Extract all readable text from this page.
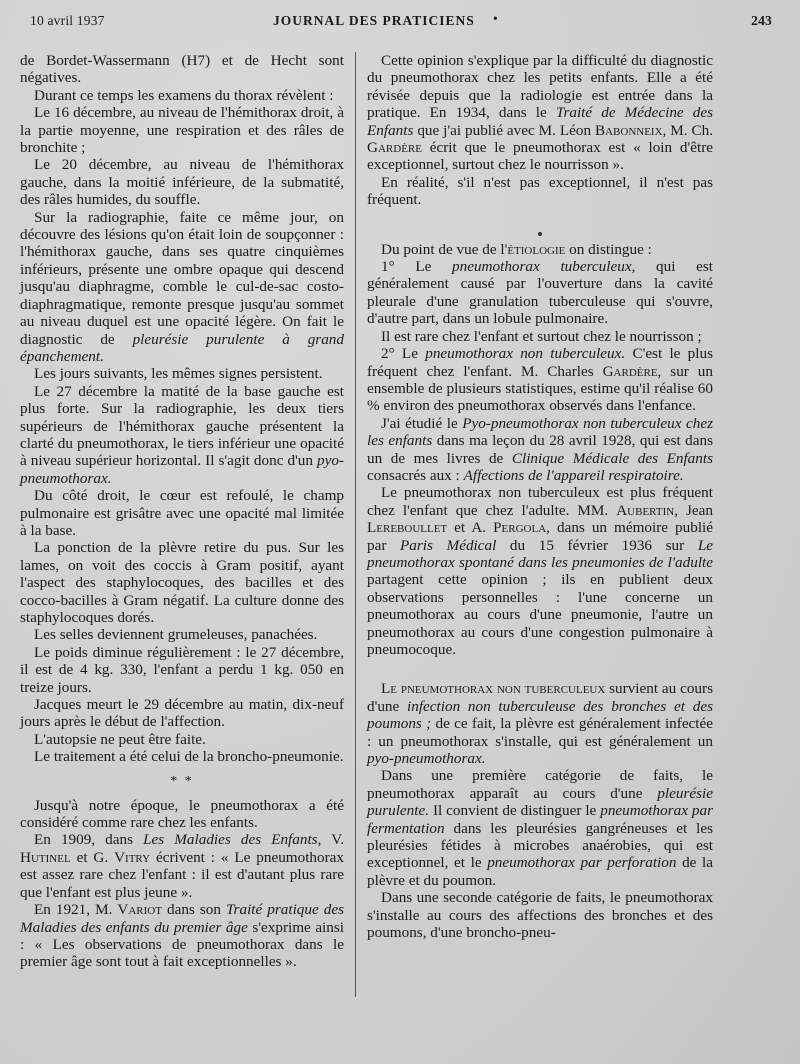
10 avril 1937	JOURNAL DES PRATICIENS •	243

de Bordet-Wassermann (H7) et de Hecht sont négatives.

Durant ce temps les examens du thorax révèlent :

Le 16 décembre, au niveau de l'hémithorax droit, à la partie moyenne, une respiration et des râles de bronchite ;

Le 20 décembre, au niveau de l'hémithorax gauche, dans la moitié inférieure, de la submatité, des râles humides, du souffle.

Sur la radiographie, faite ce même jour, on découvre des lésions qu'on était loin de soupçonner : l'hémithorax gauche, dans ses quatre cinquièmes inférieurs, présente une ombre opaque qui descend jusqu'au diaphragme, comble le cul-de-sac costo-diaphragmatique, remonte presque jusqu'au sommet au niveau duquel est une opacité légère. On fait le diagnostic de pleurésie purulente à grand épanchement.

Les jours suivants, les mêmes signes persistent.

Le 27 décembre la matité de la base gauche est plus forte. Sur la radiographie, les deux tiers supérieurs de l'hémithorax gauche présentent la clarté du pneumothorax, le tiers inférieur une opacité à niveau supérieur horizontal. Il s'agit donc d'un pyo-pneumothorax.

Du côté droit, le cœur est refoulé, le champ pulmonaire est grisâtre avec une opacité mal limitée à la base.

La ponction de la plèvre retire du pus. Sur les lames, on voit des coccis à Gram positif, ayant l'aspect des staphylocoques, des bacilles et des cocco-bacilles à Gram négatif. La culture donne des staphylocoques dorés.

Les selles deviennent grumeleuses, panachées.

Le poids diminue régulièrement : le 27 décembre, il est de 4 kg. 330, l'enfant a perdu 1 kg. 050 en treize jours.

Jacques meurt le 29 décembre au matin, dix-neuf jours après le début de l'affection.

L'autopsie ne peut être faite.

Le traitement a été celui de la broncho-pneumonie.

* *

Jusqu'à notre époque, le pneumothorax a été considéré comme rare chez les enfants.

En 1909, dans Les Maladies des Enfants, V. Hutinel et G. Vitry écrivent : « Le pneumothorax est assez rare chez l'enfant : il est d'autant plus rare que l'enfant est plus jeune ».

En 1921, M. Variot dans son Traité pratique des Maladies des enfants du premier âge s'exprime ainsi : « Les observations de pneumothorax dans le premier âge sont tout à fait exceptionnelles ».

Cette opinion s'explique par la difficulté du diagnostic du pneumothorax chez les petits enfants. Elle a été révisée depuis que la radiologie est entrée dans la pratique. En 1934, dans le Traité de Médecine des Enfants que j'ai publié avec M. Léon Babonneix, M. Ch. Gardère écrit que le pneumothorax est « loin d'être exceptionnel, surtout chez le nourrisson ».

En réalité, s'il n'est pas exceptionnel, il n'est pas fréquent.

Du point de vue de l'étiologie on distingue :

1° Le pneumothorax tuberculeux, qui est généralement causé par l'ouverture dans la cavité pleurale d'une granulation tuberculeuse qui s'ouvre, d'autre part, dans un lobule pulmonaire.

Il est rare chez l'enfant et surtout chez le nourrisson ;

2° Le pneumothorax non tuberculeux. C'est le plus fréquent chez l'enfant. M. Charles Gardère, sur un ensemble de plusieurs statistiques, estime qu'il réalise 60 % environ des pneumothorax observés dans l'enfance.

J'ai étudié le Pyo-pneumothorax non tuberculeux chez les enfants dans ma leçon du 28 avril 1928, qui est dans un de mes livres de Clinique Médicale des Enfants consacrés aux : Affections de l'appareil respiratoire.

Le pneumothorax non tuberculeux est plus fréquent chez l'enfant que chez l'adulte. MM. Aubertin, Jean Lereboullet et A. Pergola, dans un mémoire publié par Paris Médical du 15 février 1936 sur Le pneumothorax spontané dans les pneumonies de l'adulte partagent cette opinion ; ils en publient deux observations personnelles : l'une concerne un pneumothorax au cours d'une pneumonie, l'autre un pneumothorax au cours d'une congestion pulmonaire à pneumocoque.

Le pneumothorax non tuberculeux survient au cours d'une infection non tuberculeuse des bronches et des poumons ; de ce fait, la plèvre est généralement infectée : un pneumothorax s'installe, qui est généralement un pyo-pneumothorax.

Dans une première catégorie de faits, le pneumothorax apparaît au cours d'une pleurésie purulente. Il convient de distinguer le pneumothorax par fermentation dans les pleurésies gangréneuses et les pleurésies fétides à microbes anaérobies, qui est exceptionnel, et le pneumothorax par perforation de la plèvre et du poumon.

Dans une seconde catégorie de faits, le pneumothorax s'installe au cours des affections des bronches et des poumons, d'une broncho-pneu-
